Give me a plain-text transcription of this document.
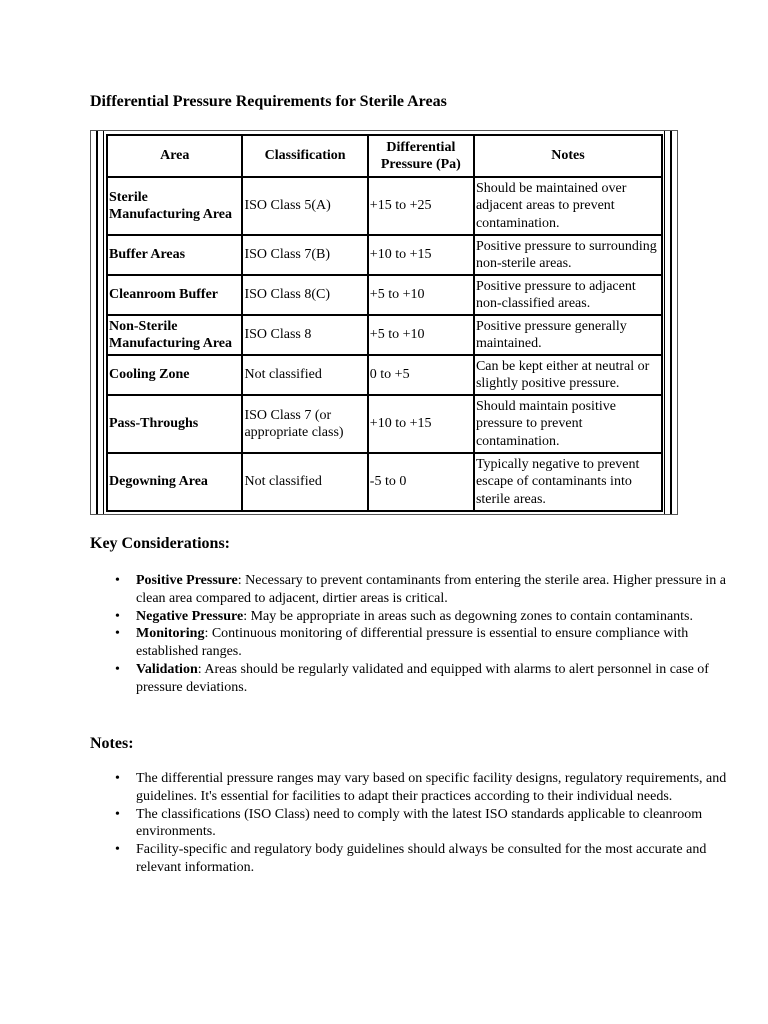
Differential Pressure Requirements for Sterile Areas
Area	Classification	Differential Pressure (Pa)	Notes
Sterile Manufacturing Area	ISO Class 5(A)	+15 to +25	Should be maintained over adjacent areas to prevent contamination.
Buffer Areas	ISO Class 7(B)	+10 to +15	Positive pressure to surrounding non-sterile areas.
Cleanroom Buffer	ISO Class 8(C)	+5 to +10	Positive pressure to adjacent non-classified areas.
Non-Sterile Manufacturing Area	ISO Class 8	+5 to +10	Positive pressure generally maintained.
Cooling Zone	Not classified	0 to +5	Can be kept either at neutral or slightly positive pressure.
Pass-Throughs	ISO Class 7 (or appropriate class)	+10 to +15	Should maintain positive pressure to prevent contamination.
Degowning Area	Not classified	-5 to 0	Typically negative to prevent escape of contaminants into sterile areas.
Key Considerations:
• Positive Pressure: Necessary to prevent contaminants from entering the sterile area. Higher pressure in a clean area compared to adjacent, dirtier areas is critical.
• Negative Pressure: May be appropriate in areas such as degowning zones to contain contaminants.
• Monitoring: Continuous monitoring of differential pressure is essential to ensure compliance with established ranges.
• Validation: Areas should be regularly validated and equipped with alarms to alert personnel in case of pressure deviations.
Notes:
• The differential pressure ranges may vary based on specific facility designs, regulatory requirements, and guidelines. It's essential for facilities to adapt their practices according to their individual needs.
• The classifications (ISO Class) need to comply with the latest ISO standards applicable to cleanroom environments.
• Facility-specific and regulatory body guidelines should always be consulted for the most accurate and relevant information.
